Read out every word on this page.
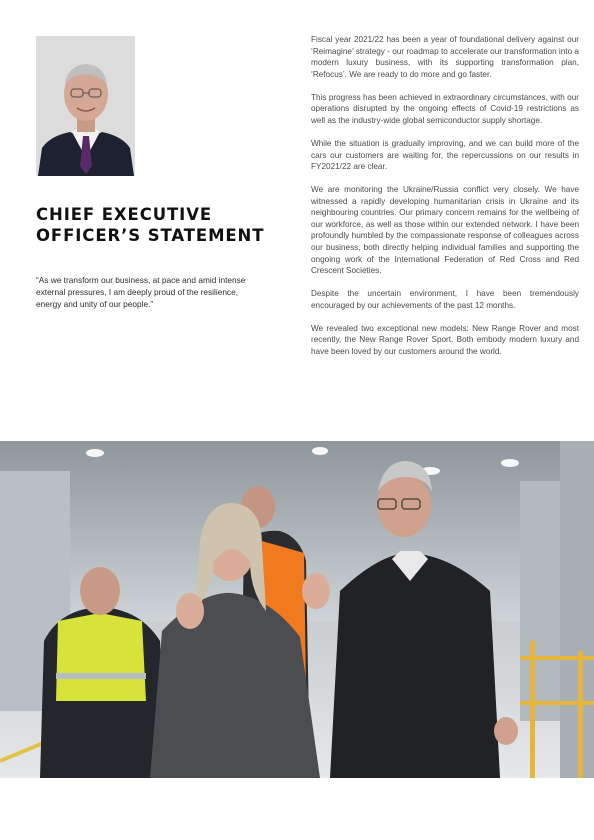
CHIEF EXECUTIVE
OFFICER’S STATEMENT

“As we transform our business, at pace and amid intense external pressures, I am deeply proud of the resilience, energy and unity of our people.”

Fiscal year 2021/22 has been a year of foundational delivery against our ‘Reimagine’ strategy - our roadmap to accelerate our transformation into a modern luxury business, with its supporting transformation plan, ‘Refocus’. We are ready to do more and go faster.

This progress has been achieved in extraordinary circumstances, with our operations disrupted by the ongoing effects of Covid-19 restrictions as well as the industry-wide global semiconductor supply shortage.

While the situation is gradually improving, and we can build more of the cars our customers are waiting for, the repercussions on our results in FY2021/22 are clear.

We are monitoring the Ukraine/Russia conflict very closely. We have witnessed a rapidly developing humanitarian crisis in Ukraine and its neighbouring countries. Our primary concern remains for the wellbeing of our workforce, as well as those within our extended network. I have been profoundly humbled by the compassionate response of colleagues across our business, both directly helping individual families and supporting the ongoing work of the International Federation of Red Cross and Red Crescent Societies.

Despite the uncertain environment, I have been tremendously encouraged by our achievements of the past 12 months.

We revealed two exceptional new models: New Range Rover and most recently, the New Range Rover Sport. Both embody modern luxury and have been loved by our customers around the world.
